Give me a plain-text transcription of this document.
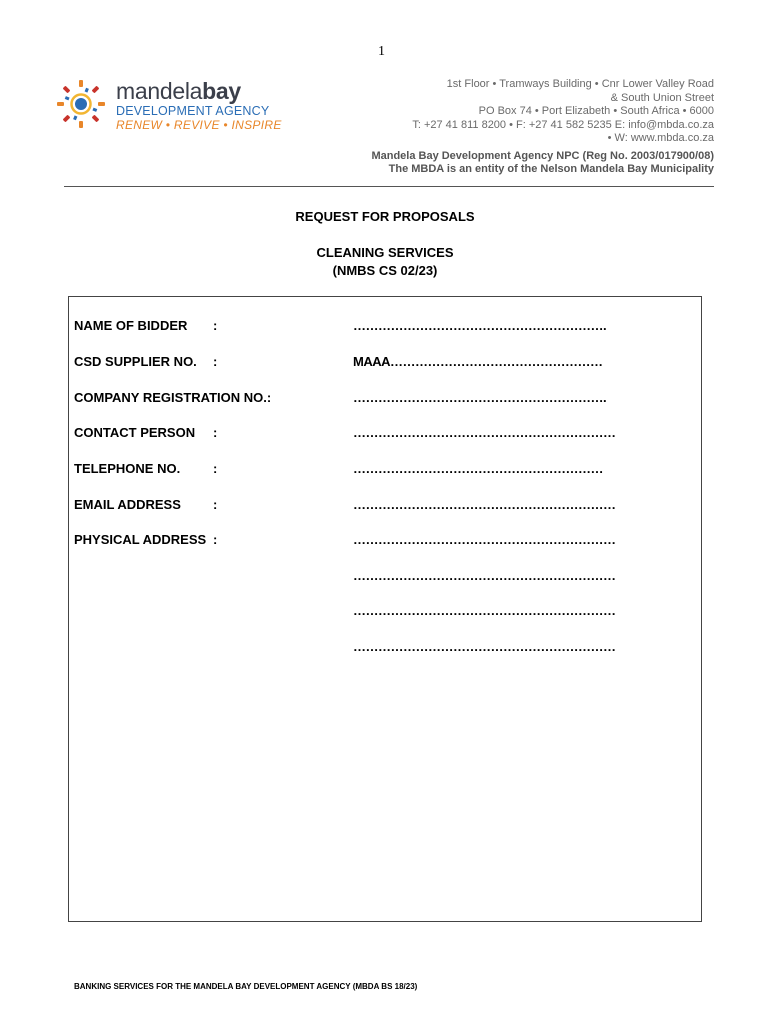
1
mandelabay
DEVELOPMENT AGENCY
RENEW • REVIVE • INSPIRE
1st Floor • Tramways Building • Cnr Lower Valley Road
& South Union Street
PO Box 74 • Port Elizabeth • South Africa • 6000
T: +27 41 811 8200 • F: +27 41 582 5235 E: info@mbda.co.za
• W: www.mbda.co.za
Mandela Bay Development Agency NPC (Reg No. 2003/017900/08)
The MBDA is an entity of the Nelson Mandela Bay Municipality
REQUEST FOR PROPOSALS
CLEANING SERVICES
(NMBS CS 02/23)
NAME OF BIDDER :	…………………………………………………….
CSD SUPPLIER NO. :	MAAA……………………………………………
COMPANY REGISTRATION NO.:	…………………………………………………….
CONTACT PERSON :	………………………………………………………
TELEPHONE NO.	:	……………………………………………………
EMAIL ADDRESS :	………………………………………………………
PHYSICAL ADDRESS :	………………………………………………………
………………………………………………………
………………………………………………………
………………………………………………………
BANKING SERVICES FOR THE MANDELA BAY DEVELOPMENT AGENCY (MBDA BS 18/23)
